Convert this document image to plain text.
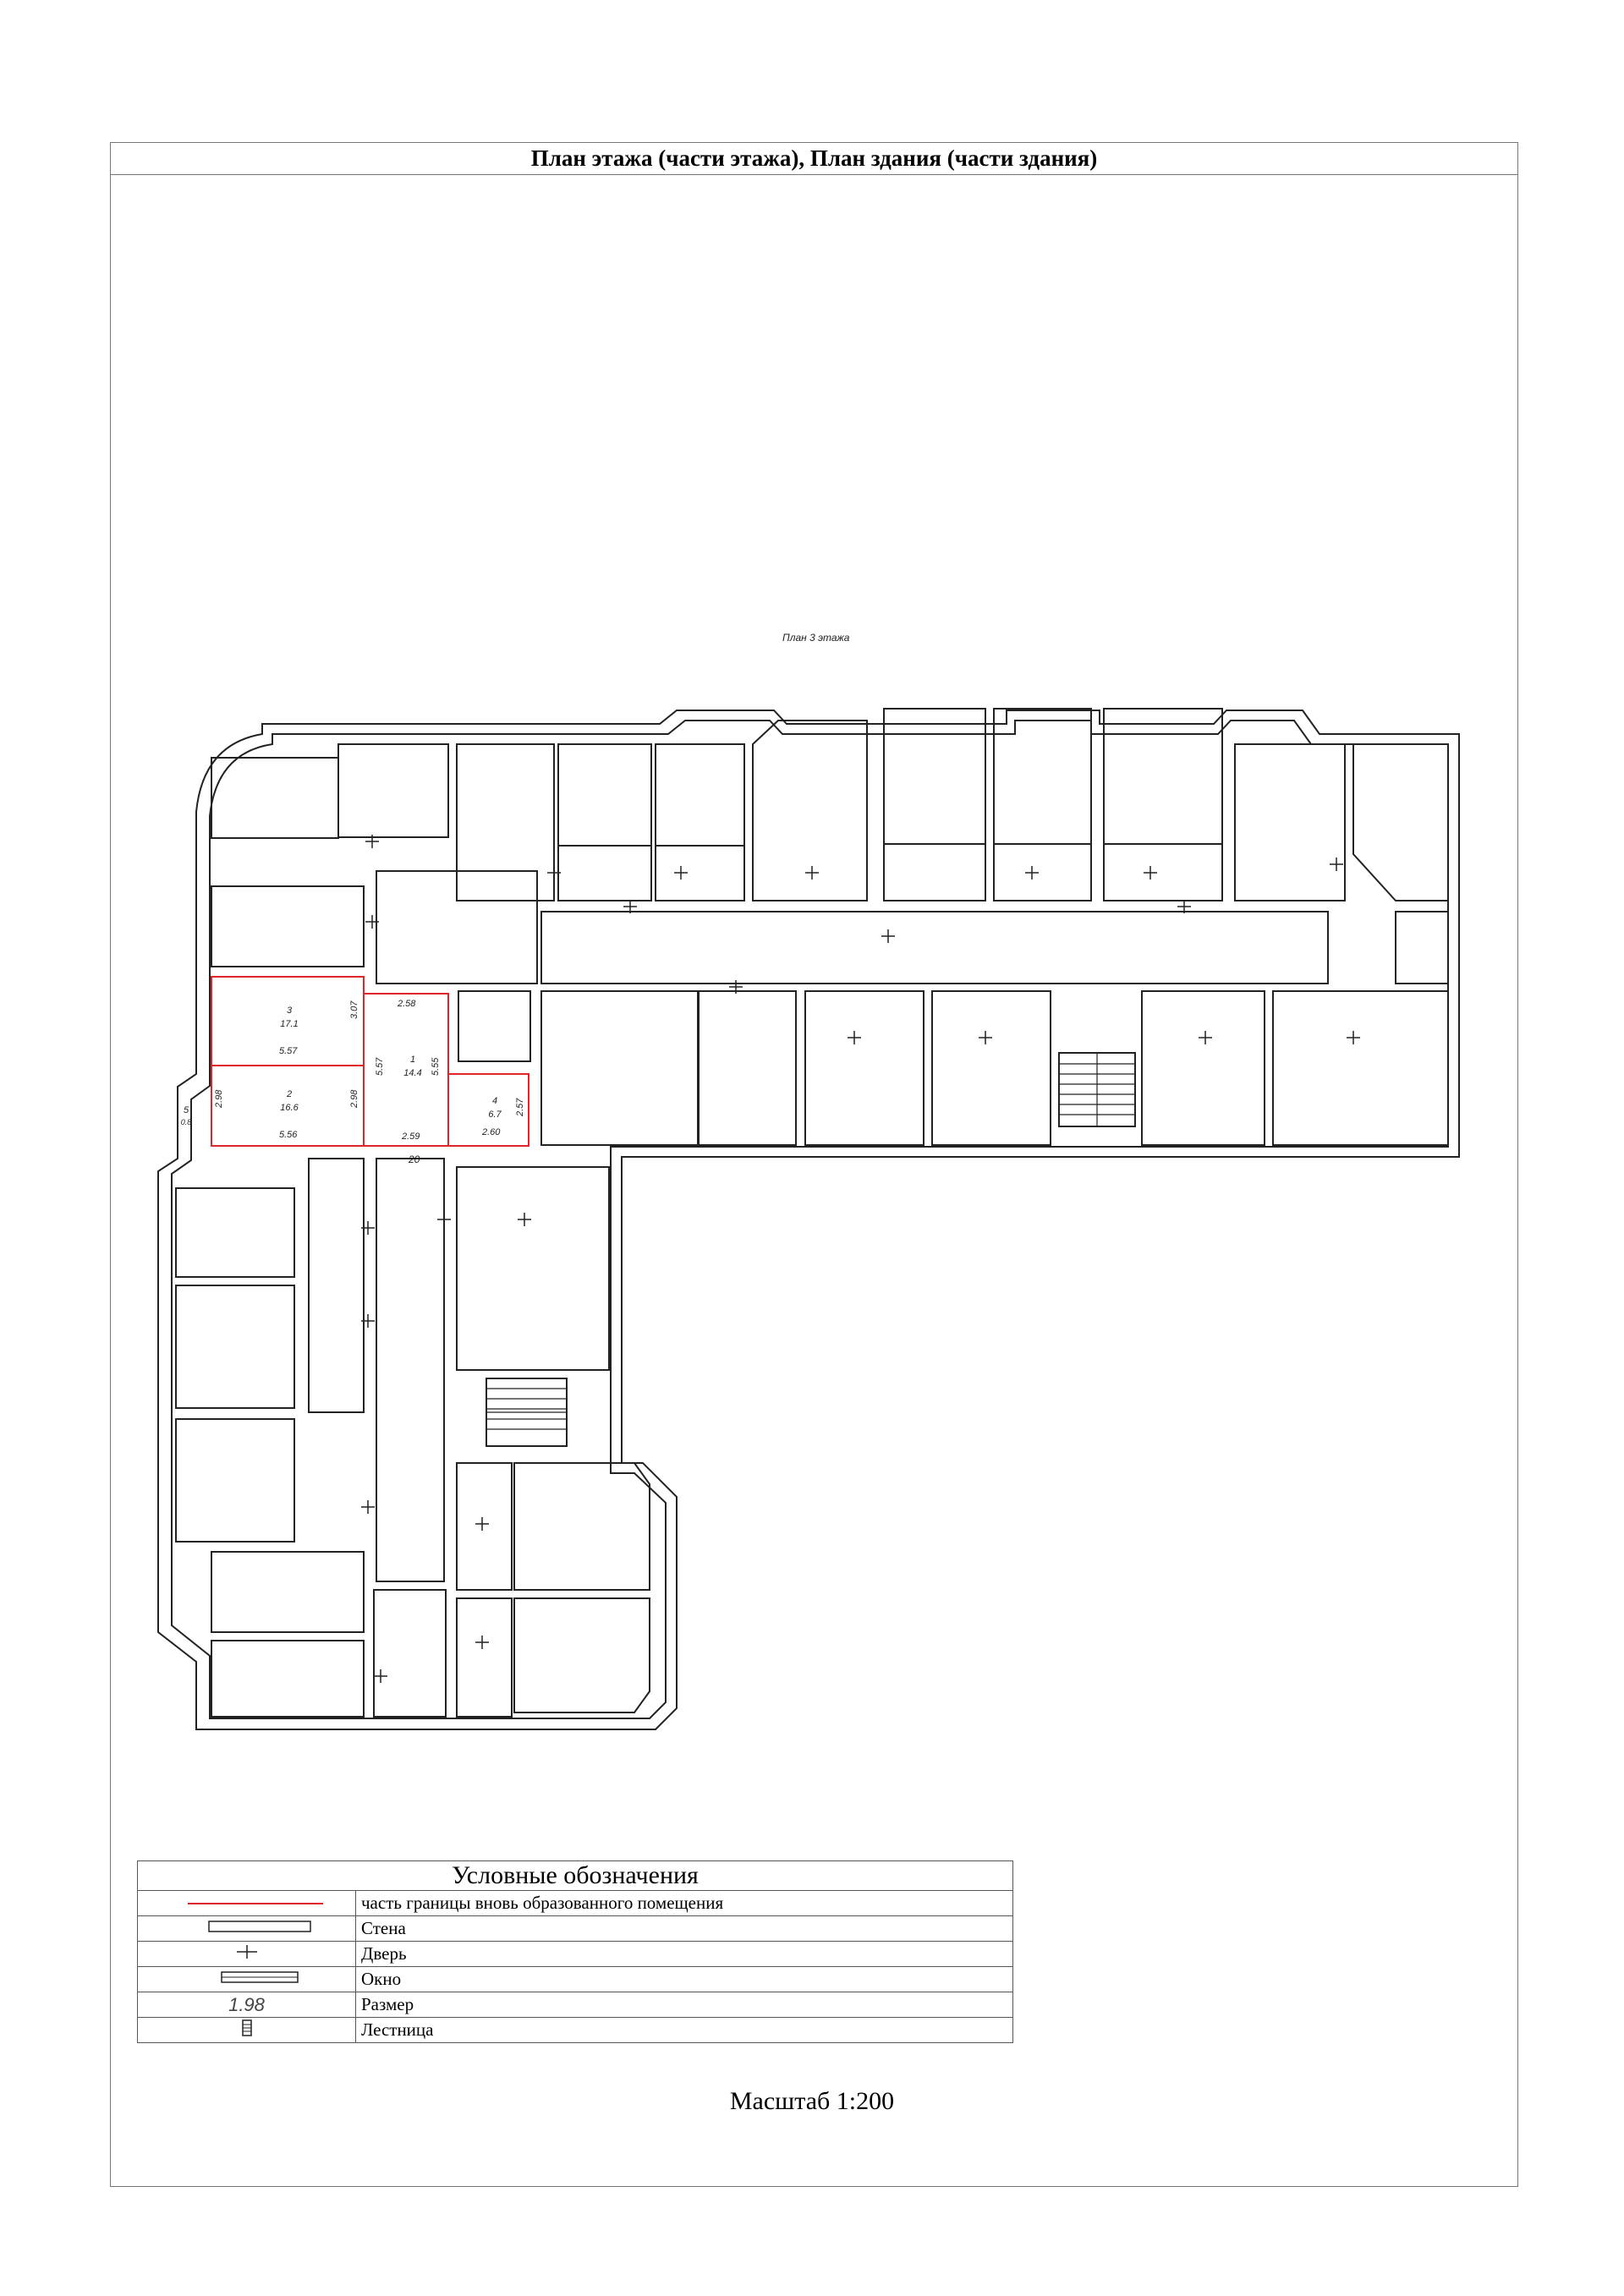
План этажа (части этажа), План здания (части здания)
План 3 этажа
3
17.1
2
16.6
1
14.4
4
6.7
5
0.8
3.07
5.57
2.98	2.98
5.56
2.58
5.57	5.55
2.59
2.57
2.60
20
Условные обозначения	
	часть границы вновь образованного помещения
	Стена
	Дверь
	Окно
1.98	Размер
	Лестница
Масштаб 1:200
